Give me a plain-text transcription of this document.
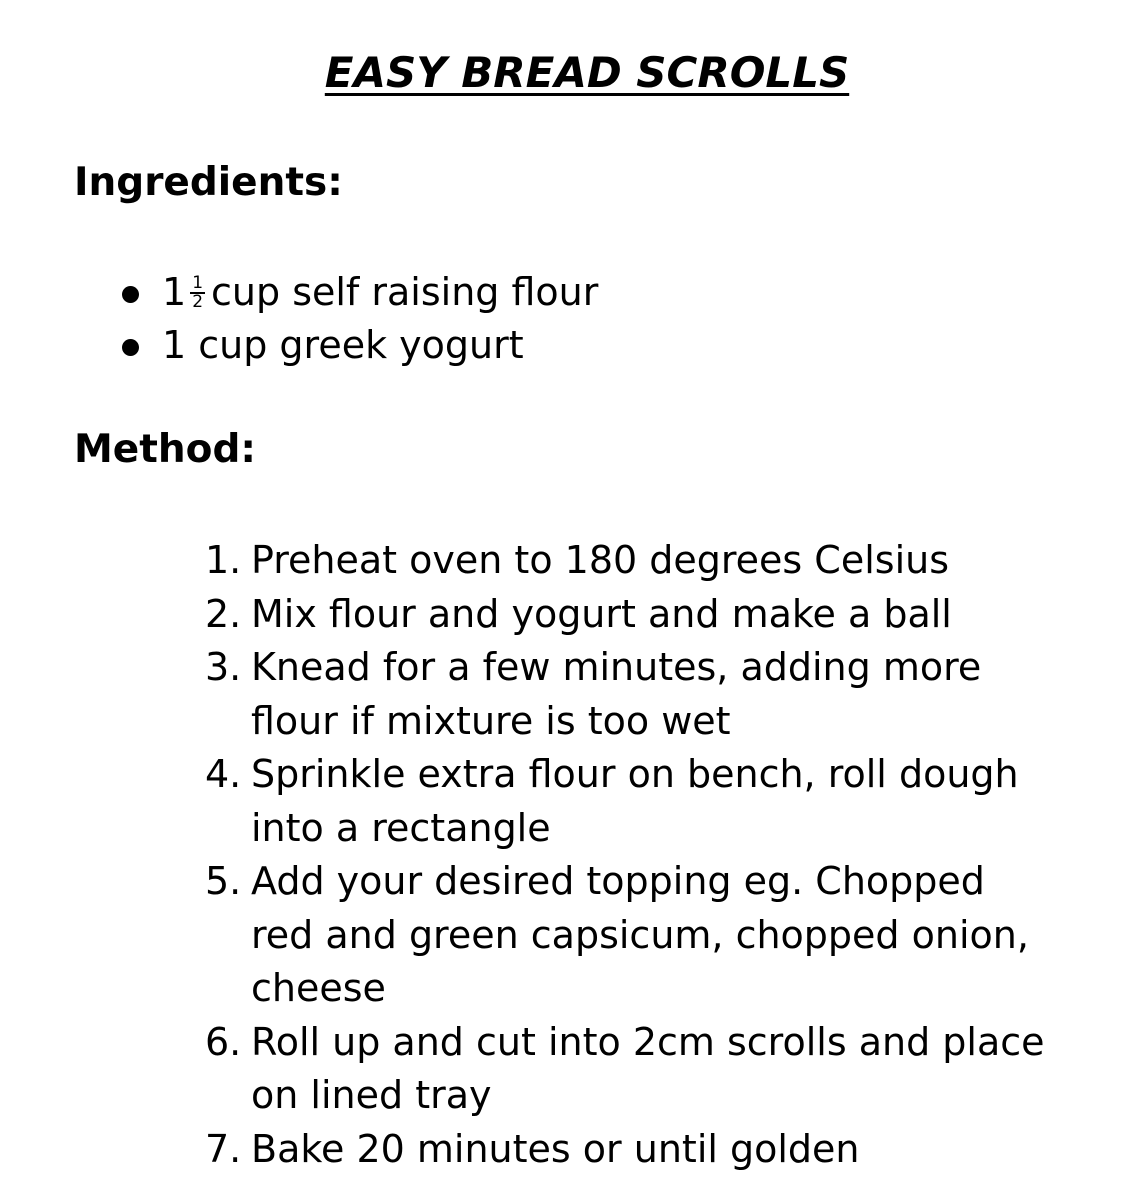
EASY BREAD SCROLLS
Ingredients:
$1 \frac{1}{2}$ cup self raising flour
1 cup greek yogurt
Method:
1. Preheat oven to 180 degrees Celsius
2. Mix flour and yogurt and make a ball
3. Knead for a few minutes, adding more
flour if mixture is too wet
4. Sprinkle extra flour on bench, roll dough
into a rectangle
5. Add your desired topping eg. Chopped
red and green capsicum, chopped onion,
cheese
6. Roll up and cut into 2cm scrolls and place
on lined tray
7. Bake 20 minutes or until golden
